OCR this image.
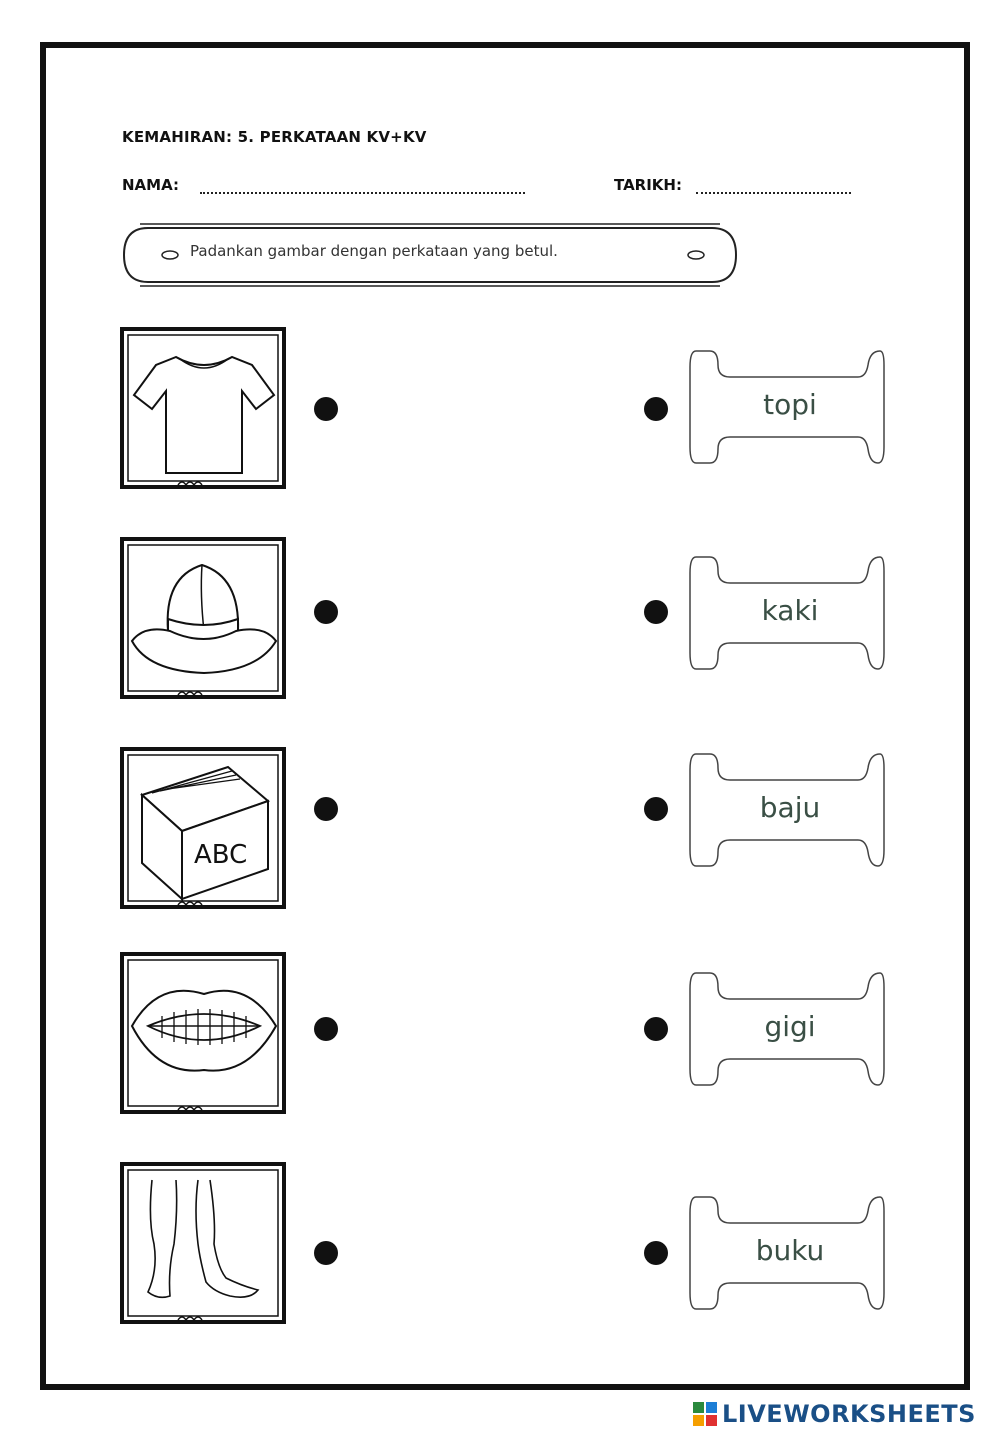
KEMAHIRAN: 5. PERKATAAN KV+KV
NAMA:	TARIKH:
Padankan gambar dengan perkataan yang betul.
topi
kaki
ABC
baju
gigi
buku
LIVEWORKSHEETS
